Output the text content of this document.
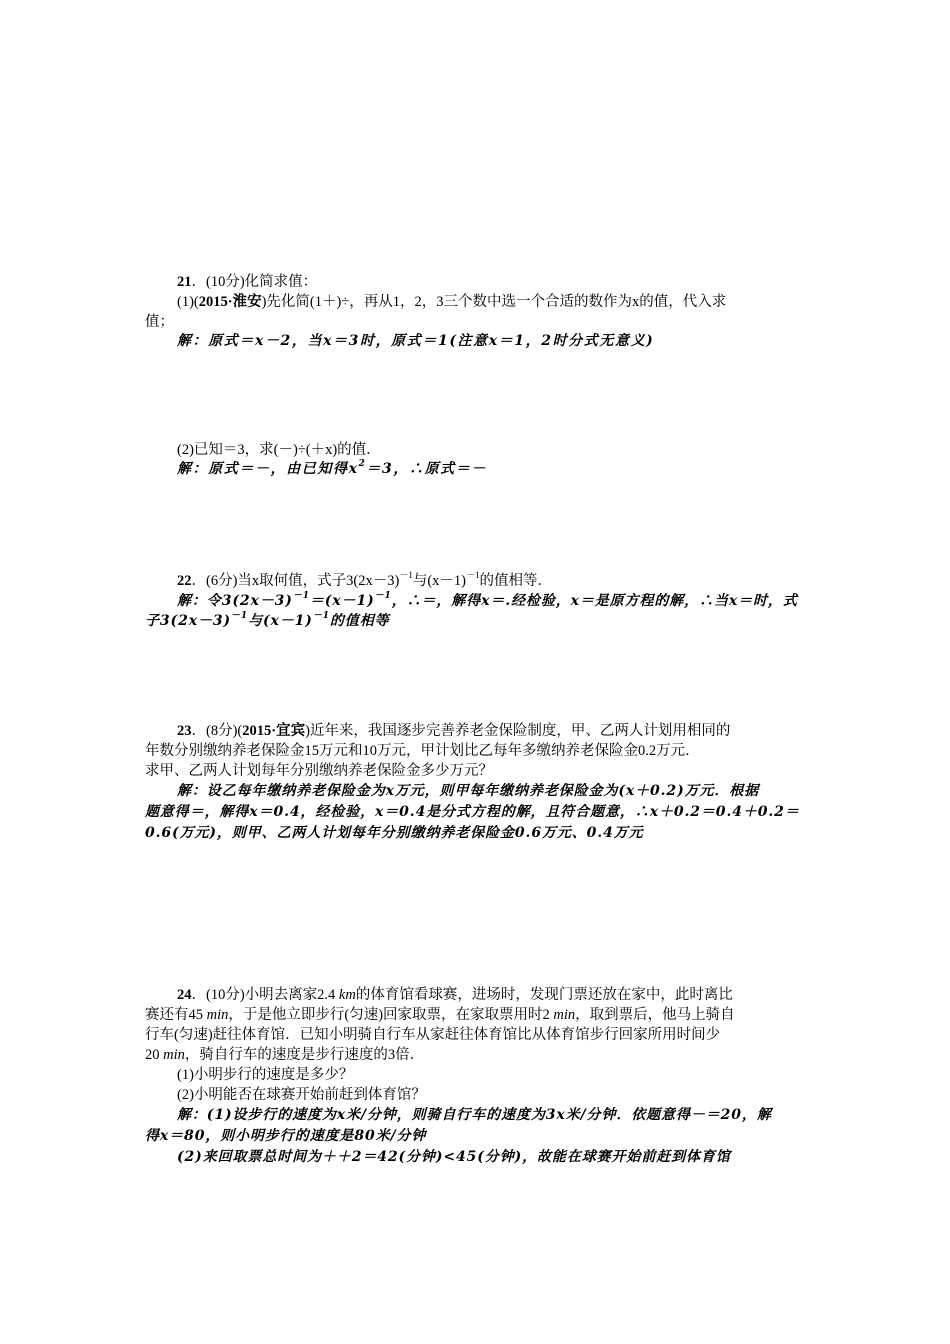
21．(10分)化简求值：
(1)(2015·淮安)先化简(1＋)÷，再从1，2，3三个数中选一个合适的数作为x的值，代入求
值；
解：原式＝x－2，当x＝3时，原式＝1(注意x＝1，2时分式无意义)
(2)已知＝3，求(－)÷(＋x)的值．
解：原式＝－，由已知得$x^2=3$，∴原式＝－
22．(6分)当x取何值，式子$3(2x-3)^{-1}$与$(x-1)^{-1}$的值相等．
解：令$3(2x-3)^{-1}=(x-1)^{-1}$，∴＝，解得x＝.经检验，x＝是原方程的解，∴当x＝时，式
子$3(2x-3)^{-1}$与$(x-1)^{-1}$的值相等
23．(8分)(2015·宜宾)近年来，我国逐步完善养老金保险制度，甲、乙两人计划用相同的
年数分别缴纳养老保险金15万元和10万元，甲计划比乙每年多缴纳养老保险金0.2万元．
求甲、乙两人计划每年分别缴纳养老保险金多少万元？
解：设乙每年缴纳养老保险金为x万元，则甲每年缴纳养老保险金为(x＋0.2)万元．根据
题意得＝，解得x＝0.4，经检验，x＝0.4是分式方程的解，且符合题意，∴x＋0.2＝0.4＋0.2＝
0.6(万元)，则甲、乙两人计划每年分别缴纳养老保险金0.6万元、0.4万元
24．(10分)小明去离家2.4 km的体育馆看球赛，进场时，发现门票还放在家中，此时离比
赛还有45 min，于是他立即步行(匀速)回家取票，在家取票用时2 min，取到票后，他马上骑自
行车(匀速)赶往体育馆．已知小明骑自行车从家赶往体育馆比从体育馆步行回家所用时间少
20 min，骑自行车的速度是步行速度的3倍．
(1)小明步行的速度是多少？
(2)小明能否在球赛开始前赶到体育馆？
解：(1)设步行的速度为x米/分钟，则骑自行车的速度为3x米/分钟．依题意得－＝20，解
得x＝80，则小明步行的速度是80米/分钟
(2)来回取票总时间为＋＋2＝42(分钟)<45(分钟)，故能在球赛开始前赶到体育馆
